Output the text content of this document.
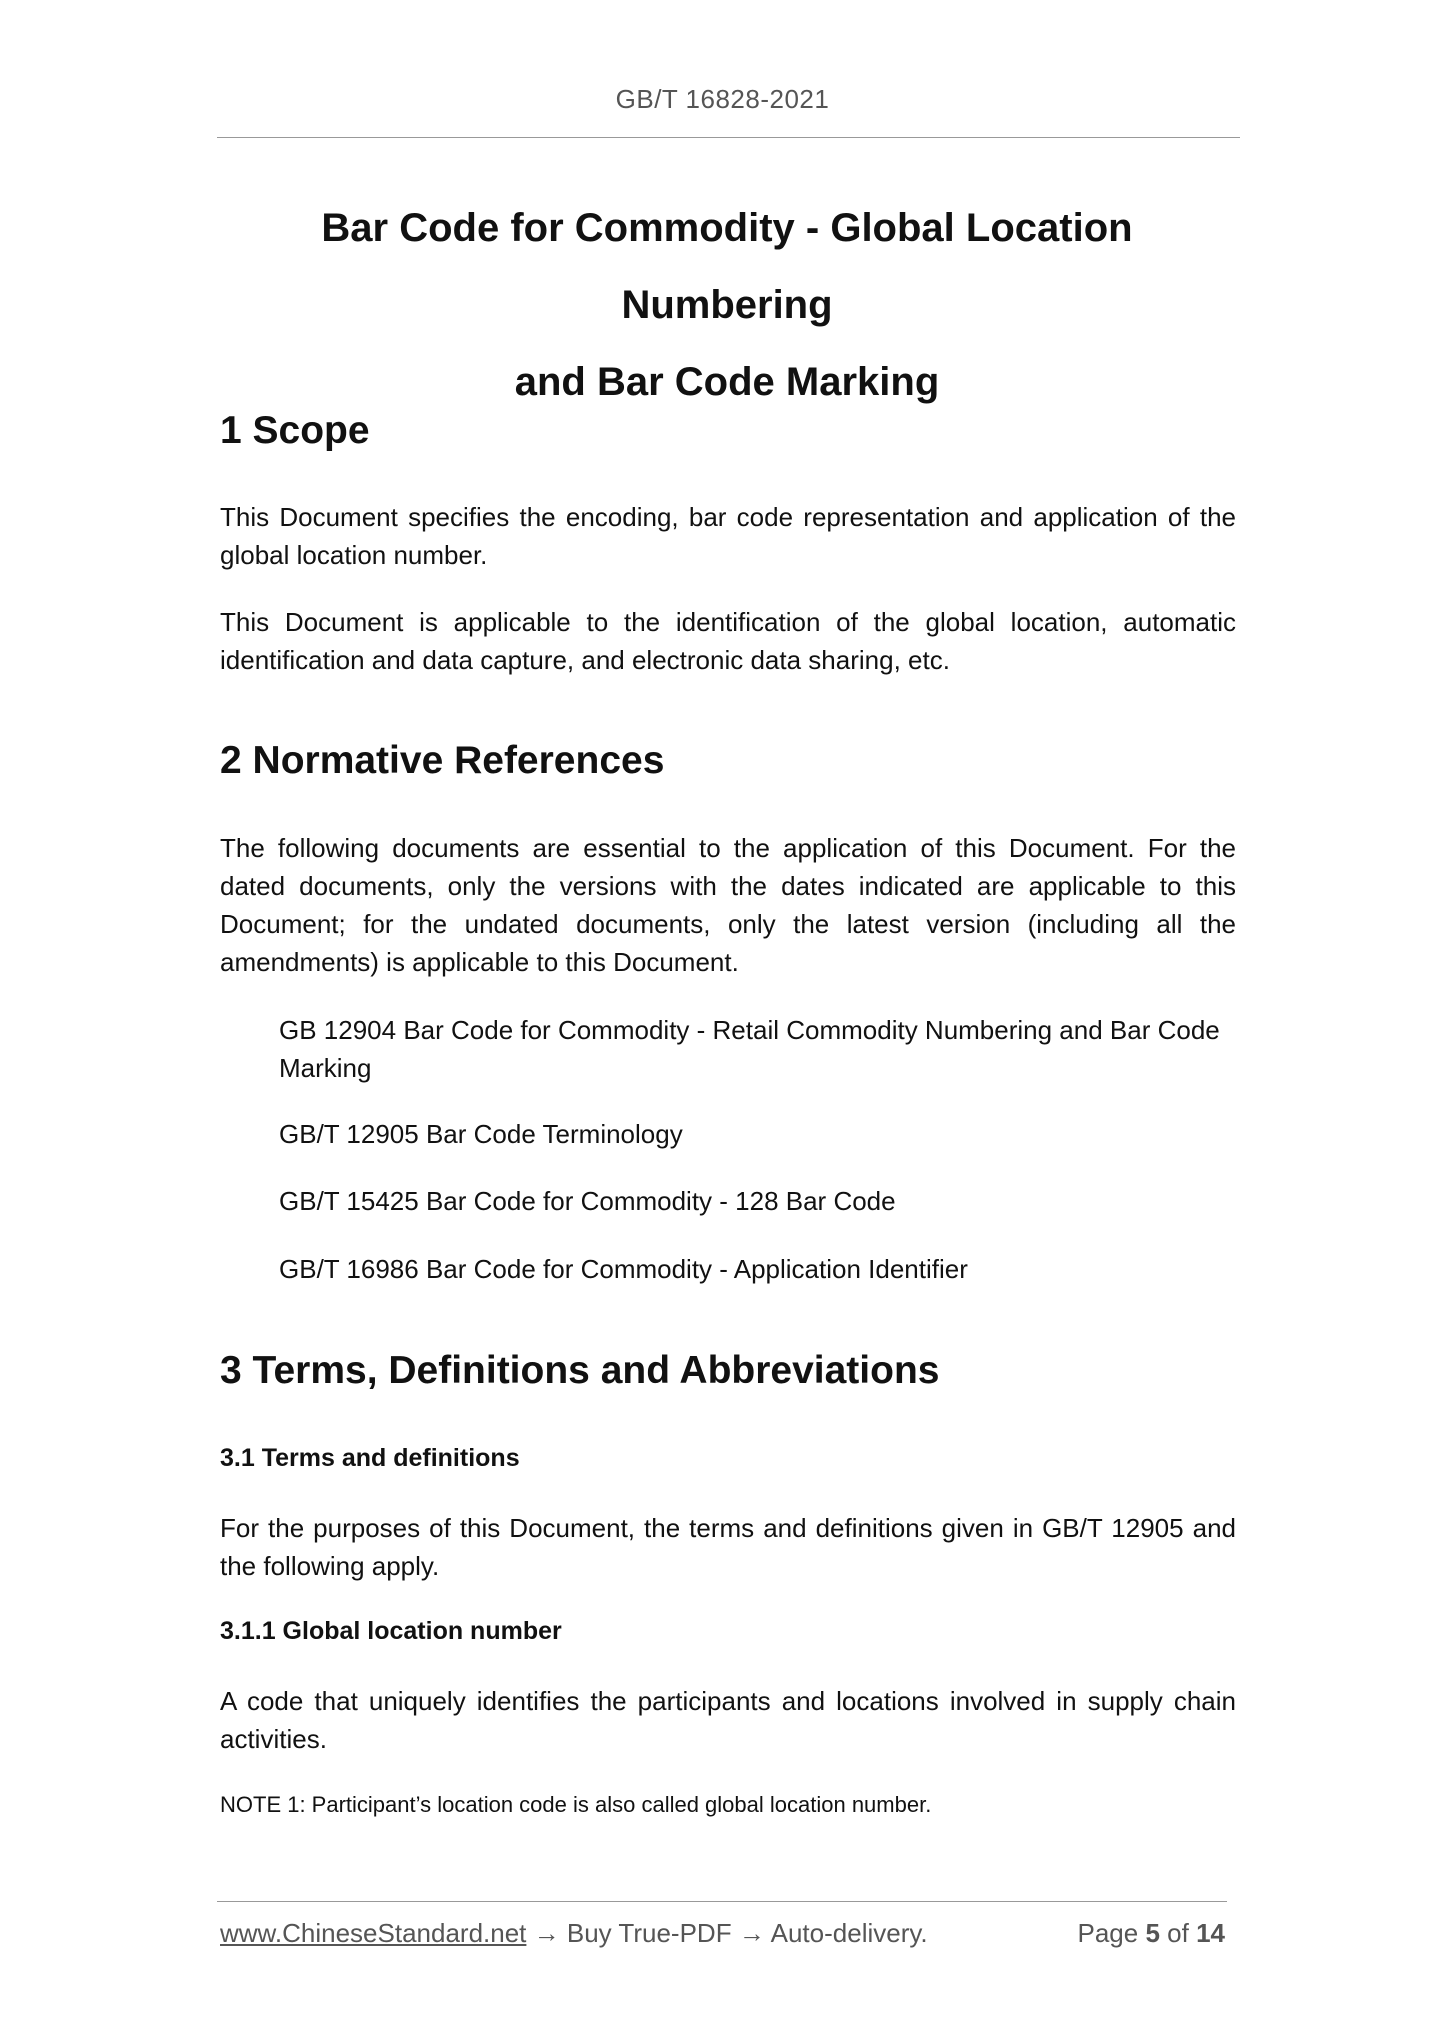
GB/T 16828-2021
Bar Code for Commodity - Global Location Numbering
and Bar Code Marking
1 Scope

This Document specifies the encoding, bar code representation and application of the global location number.

This Document is applicable to the identification of the global location, automatic identification and data capture, and electronic data sharing, etc.

2 Normative References

The following documents are essential to the application of this Document. For the dated documents, only the versions with the dates indicated are applicable to this Document; for the undated documents, only the latest version (including all the amendments) is applicable to this Document.

GB 12904 Bar Code for Commodity - Retail Commodity Numbering and Bar Code Marking

GB/T 12905 Bar Code Terminology

GB/T 15425 Bar Code for Commodity - 128 Bar Code

GB/T 16986 Bar Code for Commodity - Application Identifier

3 Terms, Definitions and Abbreviations
3.1 Terms and definitions

For the purposes of this Document, the terms and definitions given in GB/T 12905 and the following apply.

3.1.1 Global location number

A code that uniquely identifies the participants and locations involved in supply chain activities.

NOTE 1: Participant’s location code is also called global location number.

www.ChineseStandard.net → Buy True-PDF → Auto-delivery.	Page 5 of 14
